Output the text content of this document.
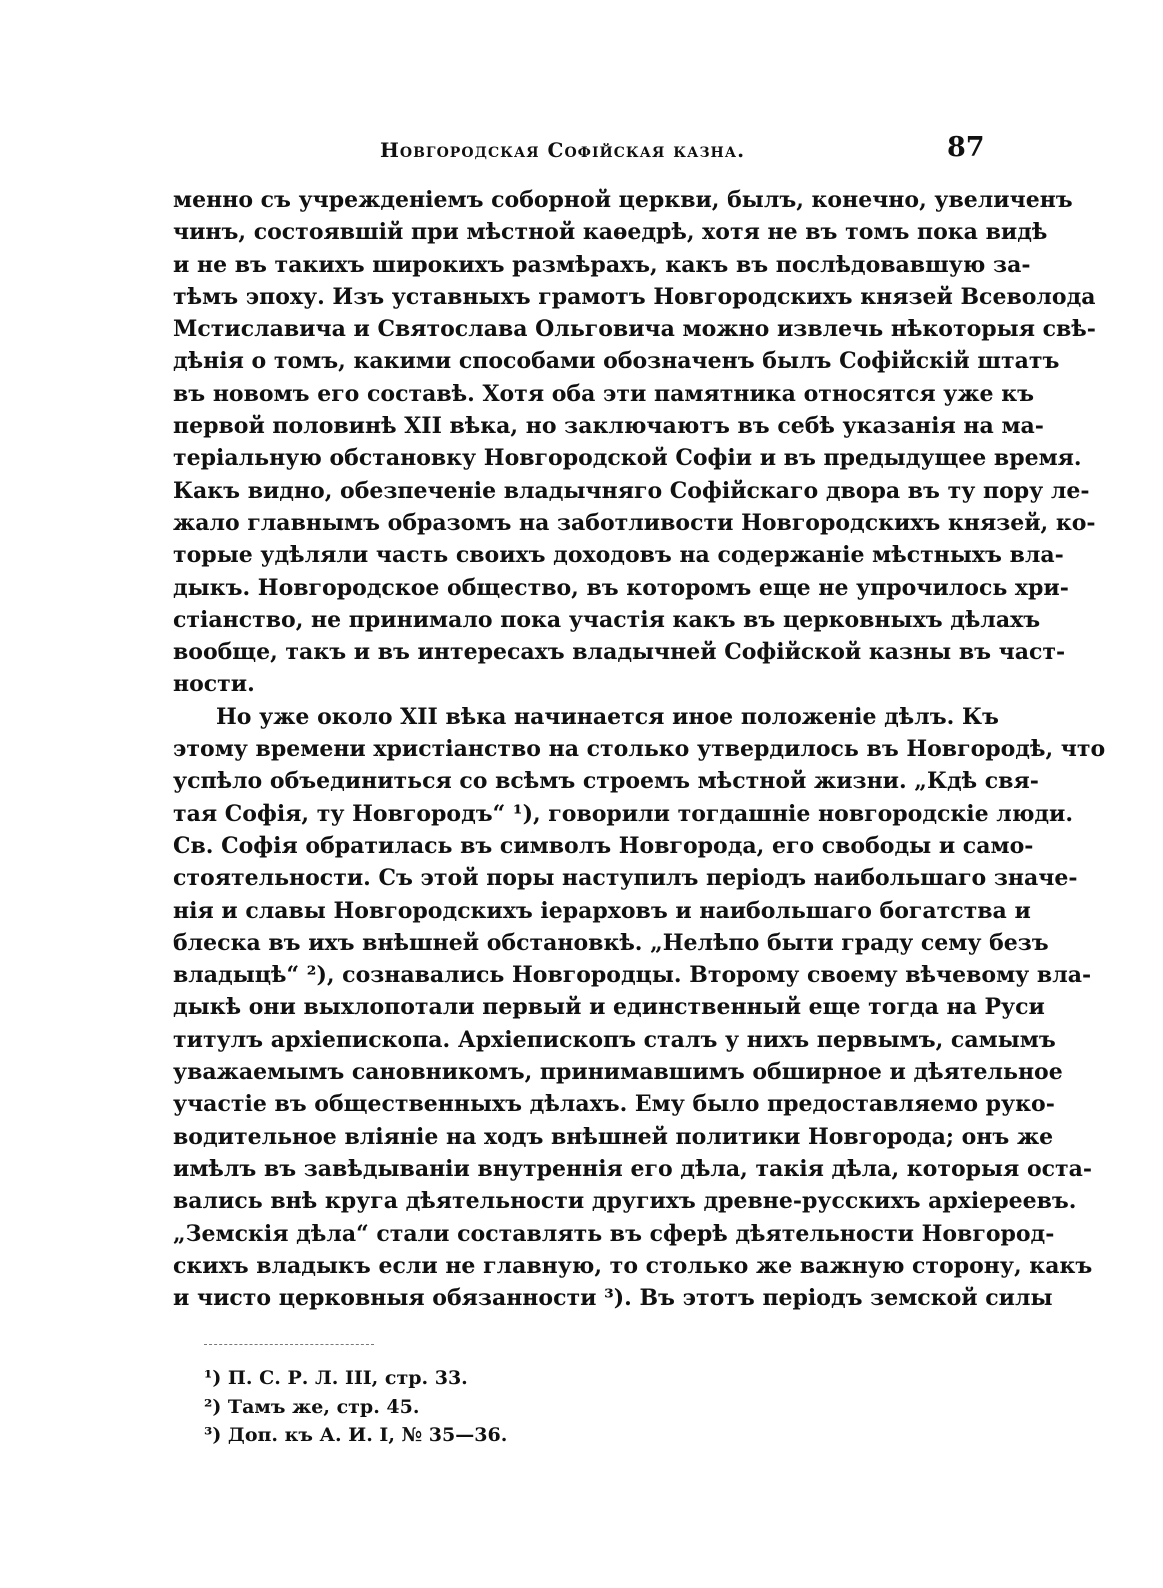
Новгородская Софійская казна.	87
менно съ учрежденіемъ соборной церкви, былъ, конечно, увеличенъ
чинъ, состоявшій при мѣстной каѳедрѣ, хотя не въ томъ пока видѣ
и не въ такихъ широкихъ размѣрахъ, какъ въ послѣдовавшую за-
тѣмъ эпоху. Изъ уставныхъ грамотъ Новгородскихъ князей Всеволода
Мстиславича и Святослава Ольговича можно извлечь нѣкоторыя свѣ-
дѣнія о томъ, какими способами обозначенъ былъ Софійскій штатъ
въ новомъ его составѣ. Хотя оба эти памятника относятся уже къ
первой половинѣ XII вѣка, но заключаютъ въ себѣ указанія на ма-
теріальную обстановку Новгородской Софіи и въ предыдущее время.
Какъ видно, обезпеченіе владычняго Софійскаго двора въ ту пору ле-
жало главнымъ образомъ на заботливости Новгородскихъ князей, ко-
торые удѣляли часть своихъ доходовъ на содержаніе мѣстныхъ вла-
дыкъ. Новгородское общество, въ которомъ еще не упрочилось хри-
стіанство, не принимало пока участія какъ въ церковныхъ дѣлахъ
вообще, такъ и въ интересахъ владычней Софійской казны въ част-
ности.
Но уже около XII вѣка начинается иное положеніе дѣлъ. Къ
этому времени христіанство на столько утвердилось въ Новгородѣ, что
успѣло объединиться со всѣмъ строемъ мѣстной жизни. „Кдѣ свя-
тая Софія, ту Новгородъ“ ¹), говорили тогдашніе новгородскіе люди.
Св. Софія обратилась въ символъ Новгорода, его свободы и само-
стоятельности. Съ этой поры наступилъ періодъ наибольшаго значе-
нія и славы Новгородскихъ іерарховъ и наибольшаго богатства и
блеска въ ихъ внѣшней обстановкѣ. „Нелѣпо быти граду сему безъ
владыцѣ“ ²), сознавались Новгородцы. Второму своему вѣчевому вла-
дыкѣ они выхлопотали первый и единственный еще тогда на Руси
титулъ архіепископа. Архіепископъ сталъ у нихъ первымъ, самымъ
уважаемымъ сановникомъ, принимавшимъ обширное и дѣятельное
участіе въ общественныхъ дѣлахъ. Ему было предоставляемо руко-
водительное вліяніе на ходъ внѣшней политики Новгорода; онъ же
имѣлъ въ завѣдываніи внутреннія его дѣла, такія дѣла, которыя оста-
вались внѣ круга дѣятельности другихъ древне-русскихъ архіереевъ.
„Земскія дѣла“ стали составлять въ сферѣ дѣятельности Новгород-
скихъ владыкъ если не главную, то столько же важную сторону, какъ
и чисто церковныя обязанности ³). Въ этотъ періодъ земской силы
¹) П. С. Р. Л. III, стр. 33.
²) Тамъ же, стр. 45.
³) Доп. къ А. И. I, № 35—36.
